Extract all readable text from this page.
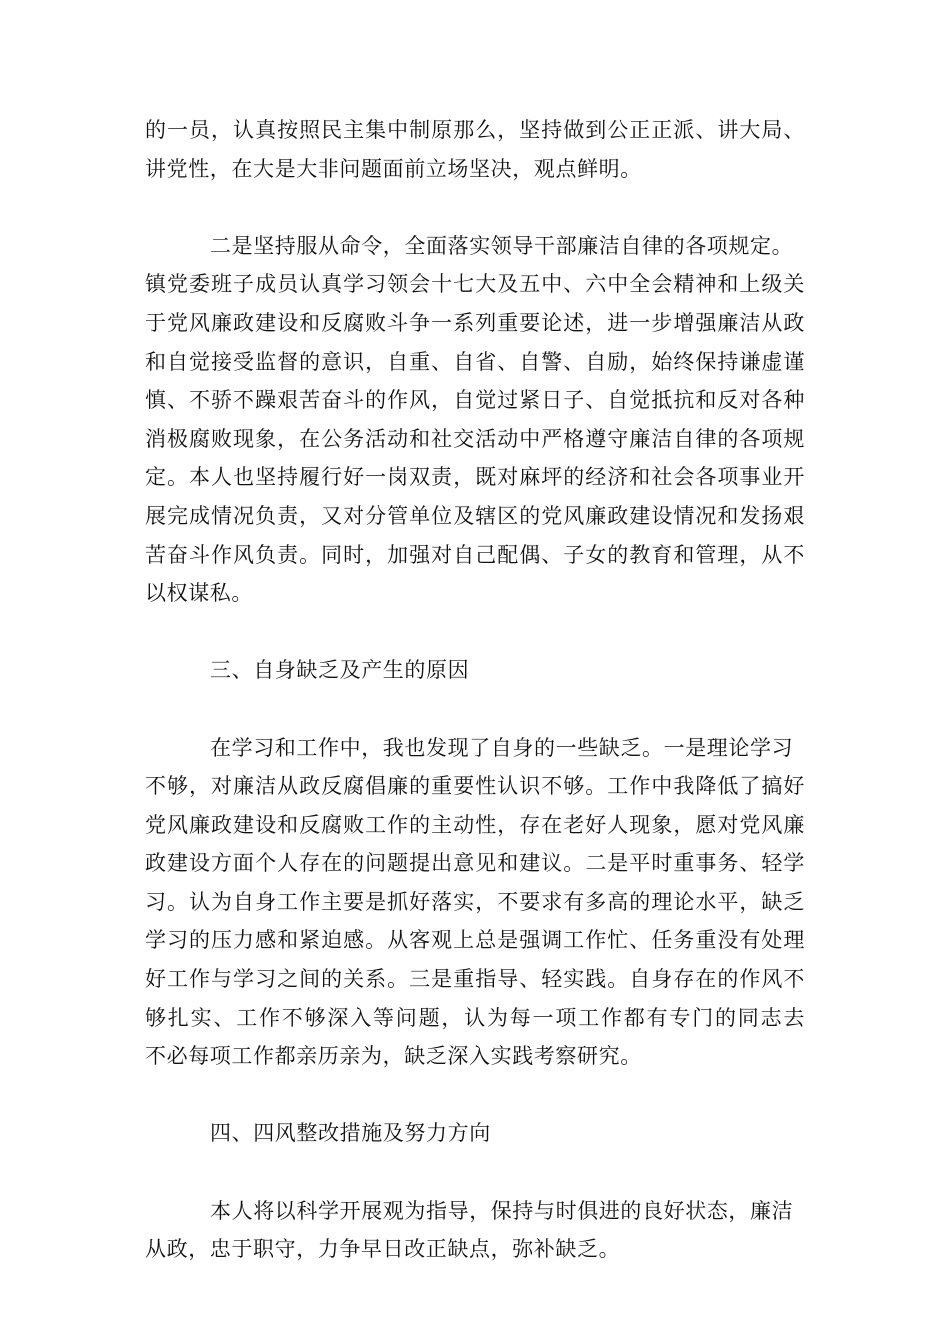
的一员，认真按照民主集中制原那么，坚持做到公正正派、讲大局、
讲党性，在大是大非问题面前立场坚决，观点鲜明。
二是坚持服从命令，全面落实领导干部廉洁自律的各项规定。
镇党委班子成员认真学习领会十七大及五中、六中全会精神和上级关
于党风廉政建设和反腐败斗争一系列重要论述，进一步增强廉洁从政
和自觉接受监督的意识，自重、自省、自警、自励，始终保持谦虚谨
慎、不骄不躁艰苦奋斗的作风，自觉过紧日子、自觉抵抗和反对各种
消极腐败现象，在公务活动和社交活动中严格遵守廉洁自律的各项规
定。本人也坚持履行好一岗双责，既对麻坪的经济和社会各项事业开
展完成情况负责，又对分管单位及辖区的党风廉政建设情况和发扬艰
苦奋斗作风负责。同时，加强对自己配偶、子女的教育和管理，从不
以权谋私。
三、自身缺乏及产生的原因
在学习和工作中，我也发现了自身的一些缺乏。一是理论学习
不够，对廉洁从政反腐倡廉的重要性认识不够。工作中我降低了搞好
党风廉政建设和反腐败工作的主动性，存在老好人现象，愿对党风廉
政建设方面个人存在的问题提出意见和建议。二是平时重事务、轻学
习。认为自身工作主要是抓好落实，不要求有多高的理论水平，缺乏
学习的压力感和紧迫感。从客观上总是强调工作忙、任务重没有处理
好工作与学习之间的关系。三是重指导、轻实践。自身存在的作风不
够扎实、工作不够深入等问题，认为每一项工作都有专门的同志去
不必每项工作都亲历亲为，缺乏深入实践考察研究。
四、四风整改措施及努力方向
本人将以科学开展观为指导，保持与时俱进的良好状态，廉洁
从政，忠于职守，力争早日改正缺点，弥补缺乏。
